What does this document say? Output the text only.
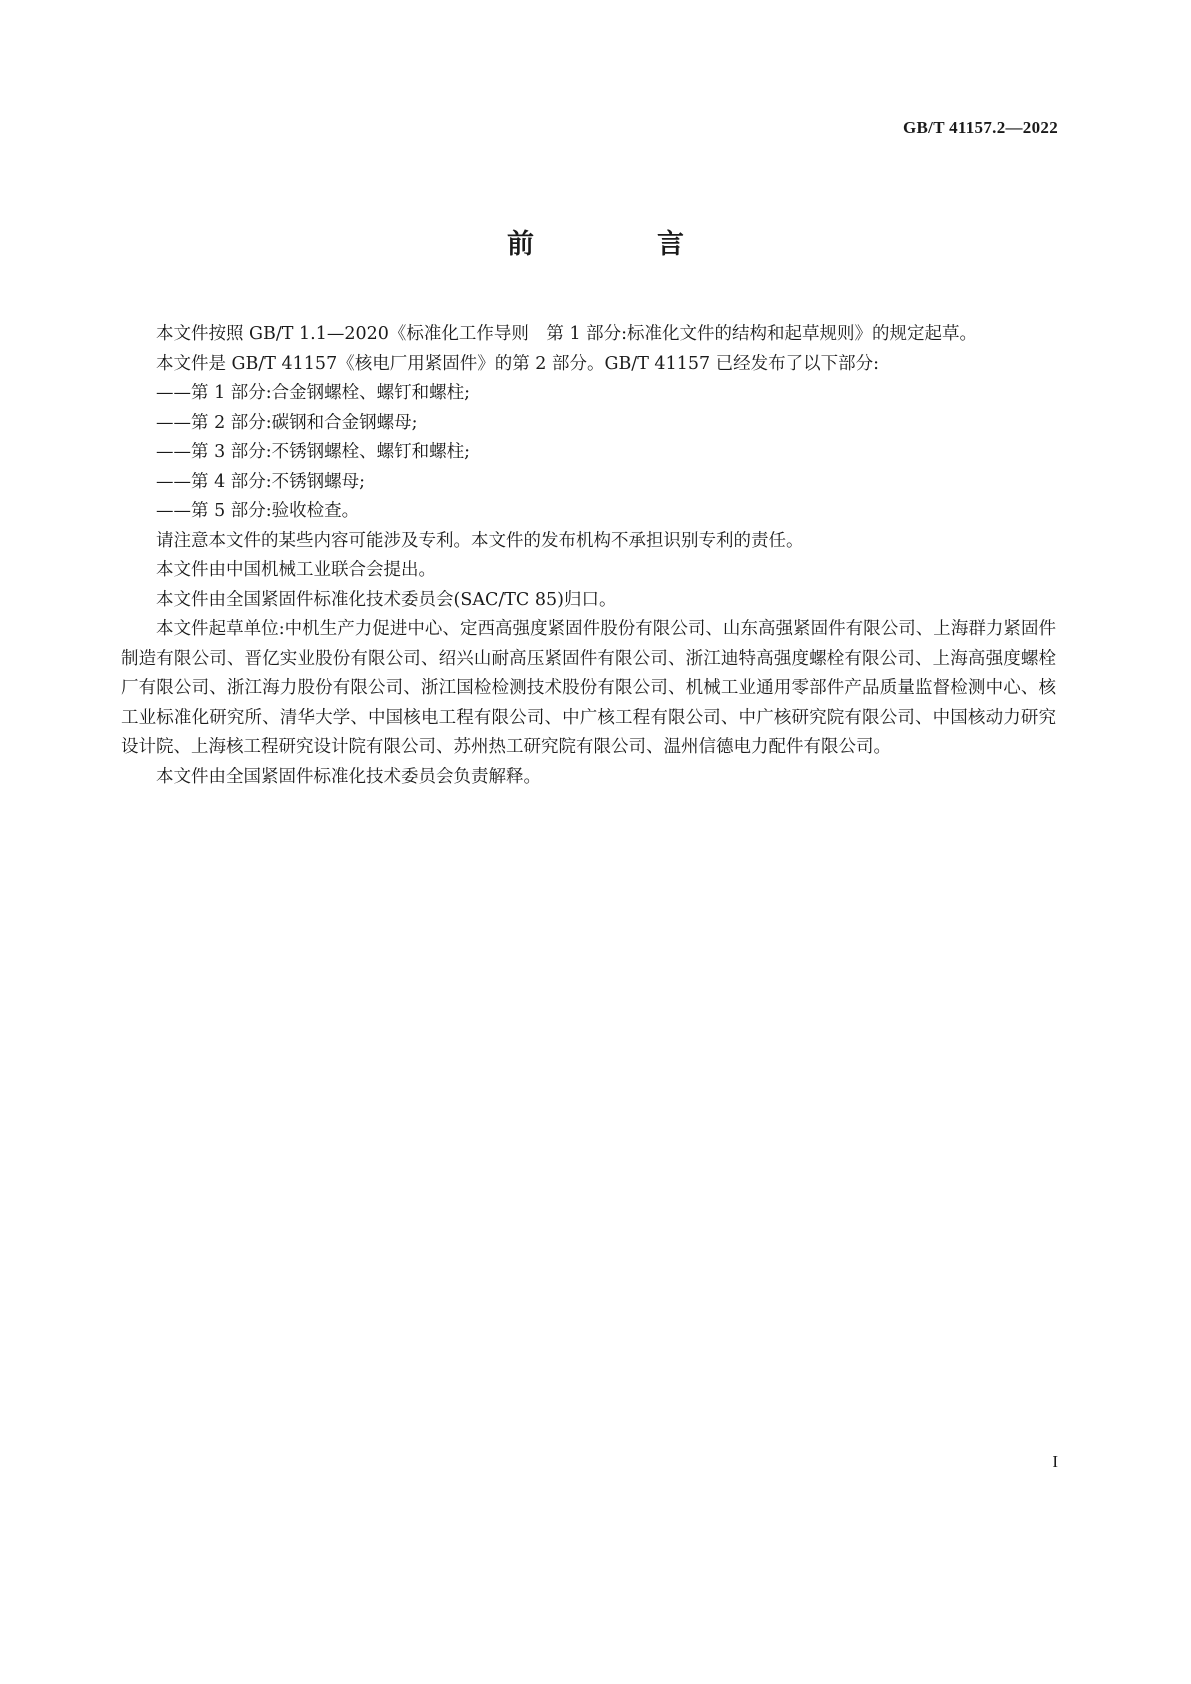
GB/T 41157.2—2022
前　言

本文件按照 GB/T 1.1—2020《标准化工作导则　第 1 部分:标准化文件的结构和起草规则》的规定起草。

本文件是 GB/T 41157《核电厂用紧固件》的第 2 部分。GB/T 41157 已经发布了以下部分:

——第 1 部分:合金钢螺栓、螺钉和螺柱;

——第 2 部分:碳钢和合金钢螺母;

——第 3 部分:不锈钢螺栓、螺钉和螺柱;

——第 4 部分:不锈钢螺母;

——第 5 部分:验收检查。

请注意本文件的某些内容可能涉及专利。本文件的发布机构不承担识别专利的责任。

本文件由中国机械工业联合会提出。

本文件由全国紧固件标准化技术委员会(SAC/TC 85)归口。

本文件起草单位:中机生产力促进中心、定西高强度紧固件股份有限公司、山东高强紧固件有限公司、上海群力紧固件制造有限公司、晋亿实业股份有限公司、绍兴山耐高压紧固件有限公司、浙江迪特高强度螺栓有限公司、上海高强度螺栓厂有限公司、浙江海力股份有限公司、浙江国检检测技术股份有限公司、机械工业通用零部件产品质量监督检测中心、核工业标准化研究所、清华大学、中国核电工程有限公司、中广核工程有限公司、中广核研究院有限公司、中国核动力研究设计院、上海核工程研究设计院有限公司、苏州热工研究院有限公司、温州信德电力配件有限公司。

本文件由全国紧固件标准化技术委员会负责解释。

I
